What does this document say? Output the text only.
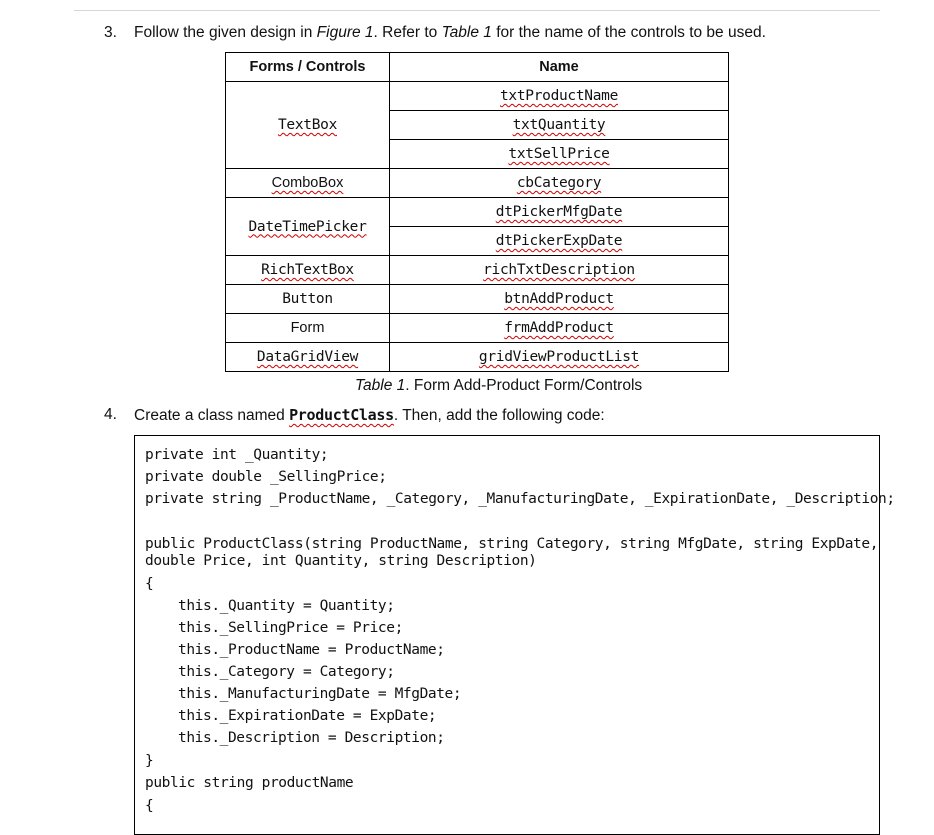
3. Follow the given design in Figure 1. Refer to Table 1 for the name of the controls to be used.
Forms / Controls	Name
TextBox	txtProductName
	txtQuantity
	txtSellPrice
ComboBox	cbCategory
DateTimePicker	dtPickerMfgDate
	dtPickerExpDate
RichTextBox	richTxtDescription
Button	btnAddProduct
Form	frmAddProduct
DataGridView	gridViewProductList
Table 1. Form Add-Product Form/Controls
4. Create a class named ProductClass. Then, add the following code:
private int _Quantity;
private double _SellingPrice;
private string _ProductName, _Category, _ManufacturingDate, _ExpirationDate, _Description;
public ProductClass(string ProductName, string Category, string MfgDate, string ExpDate,
double Price, int Quantity, string Description)
{
this._Quantity = Quantity;
this._SellingPrice = Price;
this._ProductName = ProductName;
this._Category = Category;
this._ManufacturingDate = MfgDate;
this._ExpirationDate = ExpDate;
this._Description = Description;
}
public string productName
{
